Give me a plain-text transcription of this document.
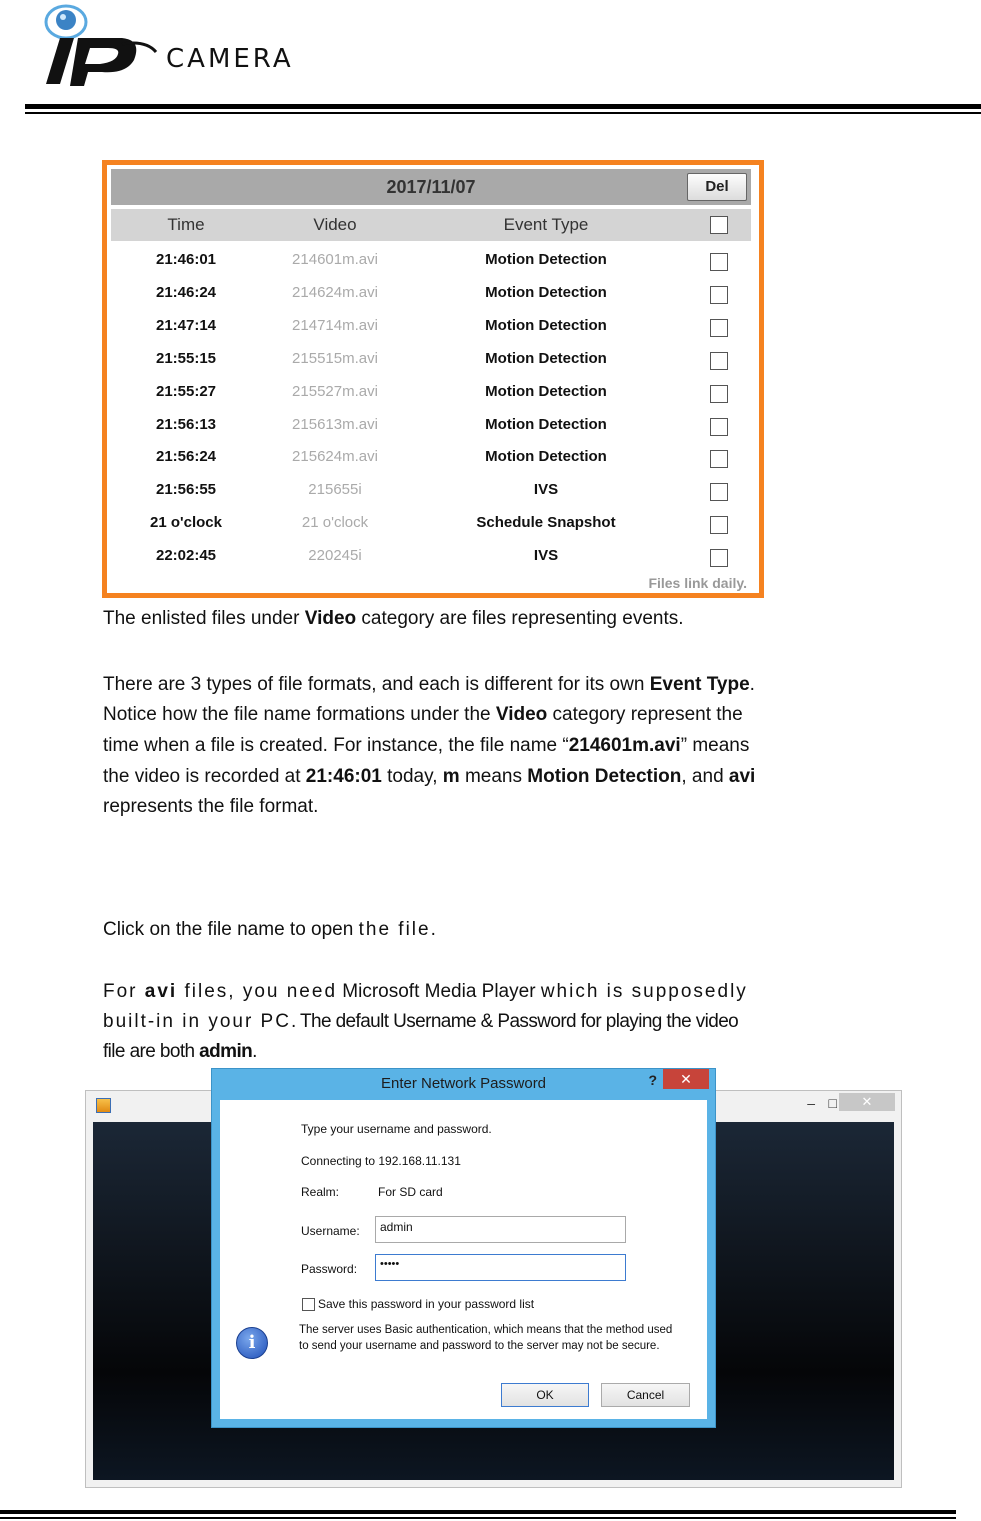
CAMERA
2017/11/07	Del
Time	Video	Event Type
21:46:01	214601m.avi	Motion Detection
21:46:24	214624m.avi	Motion Detection
21:47:14	214714m.avi	Motion Detection
21:55:15	215515m.avi	Motion Detection
21:55:27	215527m.avi	Motion Detection
21:56:13	215613m.avi	Motion Detection
21:56:24	215624m.avi	Motion Detection
21:56:55	215655i	IVS
21 o'clock	21 o'clock	Schedule Snapshot
22:02:45	220245i	IVS
Files link daily.
The enlisted files under Video category are files representing events.
There are 3 types of file formats, and each is different for its own Event Type.
Notice how the file name formations under the Video category represent the
time when a file is created. For instance, the file name “214601m.avi” means
the video is recorded at 21:46:01 today, m means Motion Detection, and avi
represents the file format.
Click on the file name to open the file.
For avi files, you need Microsoft Media Player which is supposedly
built-in in your PC. The default Username & Password for playing the video
file are both admin.
– □	✕
Enter Network Password	?	✕
Type your username and password.
Connecting to 192.168.11.131
Realm:	For SD card
Username:	admin
Password:	•••••
Save this password in your password list
i
The server uses Basic authentication, which means that the method used
to send your username and password to the server may not be secure.
OK	Cancel
